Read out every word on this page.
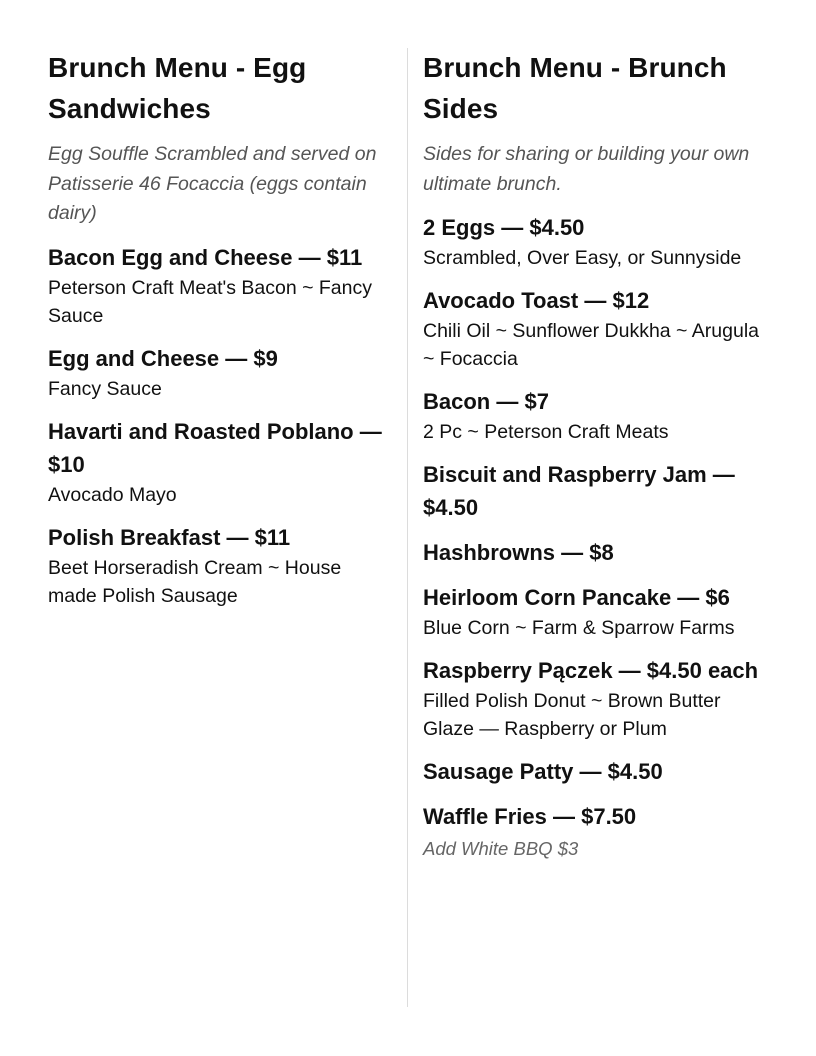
Brunch Menu - Egg Sandwiches
Egg Souffle Scrambled and served on Patisserie 46 Focaccia (eggs contain dairy)
Bacon Egg and Cheese — $11
Peterson Craft Meat's Bacon ~ Fancy Sauce
Egg and Cheese — $9
Fancy Sauce
Havarti and Roasted Poblano — $10
Avocado Mayo
Polish Breakfast — $11
Beet Horseradish Cream ~ House made Polish Sausage
Brunch Menu - Brunch Sides
Sides for sharing or building your own ultimate brunch.
2 Eggs — $4.50
Scrambled, Over Easy, or Sunnyside
Avocado Toast — $12
Chili Oil ~ Sunflower Dukkha ~ Arugula ~ Focaccia
Bacon — $7
2 Pc ~ Peterson Craft Meats
Biscuit and Raspberry Jam — $4.50
Hashbrowns — $8
Heirloom Corn Pancake — $6
Blue Corn ~ Farm & Sparrow Farms
Raspberry Pączek — $4.50 each
Filled Polish Donut ~ Brown Butter Glaze — Raspberry or Plum
Sausage Patty — $4.50
Waffle Fries — $7.50
Add White BBQ $3
